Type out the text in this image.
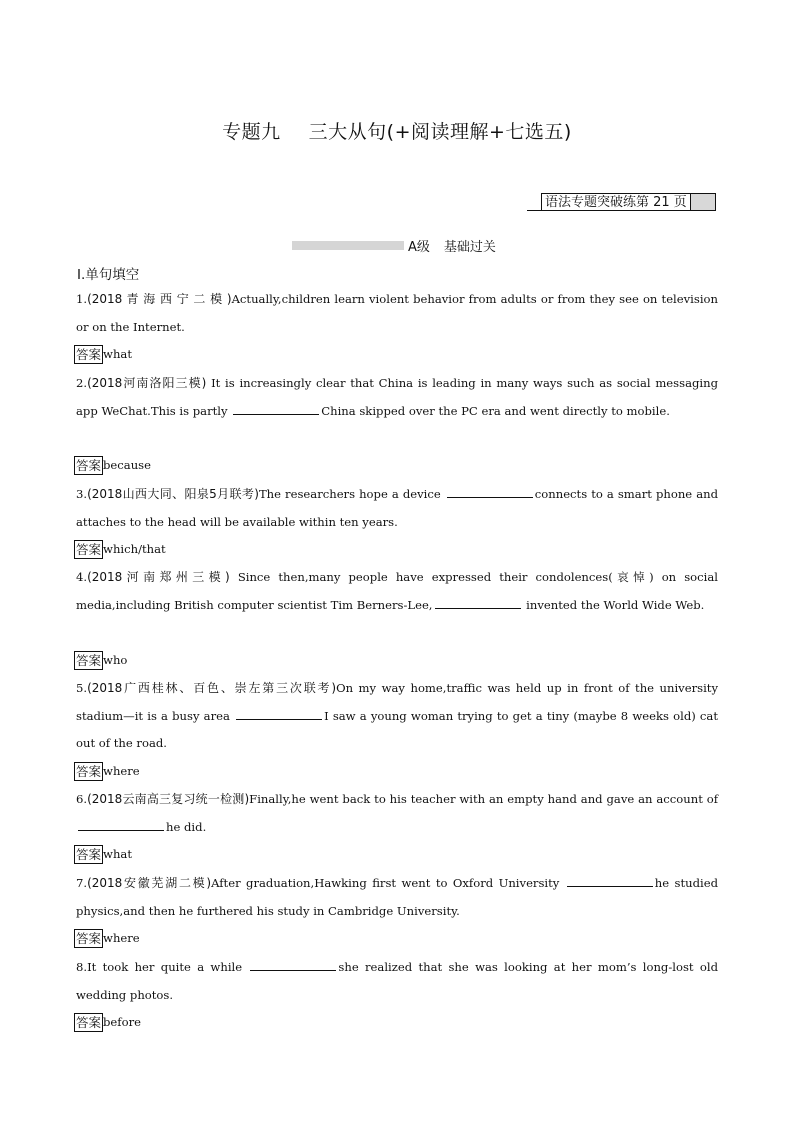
专题九 三大从句(+阅读理解+七选五)
语法专题突破练第 21 页
A级 基础过关
Ⅰ.单句填空
1.(2018 青 海 西 宁 二 模 )Actually,children learn violent behavior from adults or from they see on television or on the Internet.
答案 what
2.(2018河南洛阳三模) It is increasingly clear that China is leading in many ways such as social messaging app WeChat.This is partly	China skipped over the PC era and went directly to mobile.
答案 because
3.(2018山西大同、阳泉5月联考)The researchers hope a device	connects to a smart phone and attaches to the head will be available within ten years.
答案 which/that
4.(2018河南郑州三模) Since then,many people have expressed their condolences(哀悼) on social media,including British computer scientist Tim Berners-Lee,	invented the World Wide Web.
答案 who
5.(2018广西桂林、百色、崇左第三次联考)On my way home,traffic was held up in front of the university stadium—it is a busy area	I saw a young woman trying to get a tiny (maybe 8 weeks old) cat out of the road.
答案 where
6.(2018云南高三复习统一检测)Finally,he went back to his teacher with an empty hand and gave an account of he did.
答案 what
7.(2018安徽芜湖二模)After graduation,Hawking first went to Oxford University	he studied physics,and then he furthered his study in Cambridge University.
答案 where
8.It took her quite a while	she realized that she was looking at her mom’s long-lost old wedding photos.
答案 before
